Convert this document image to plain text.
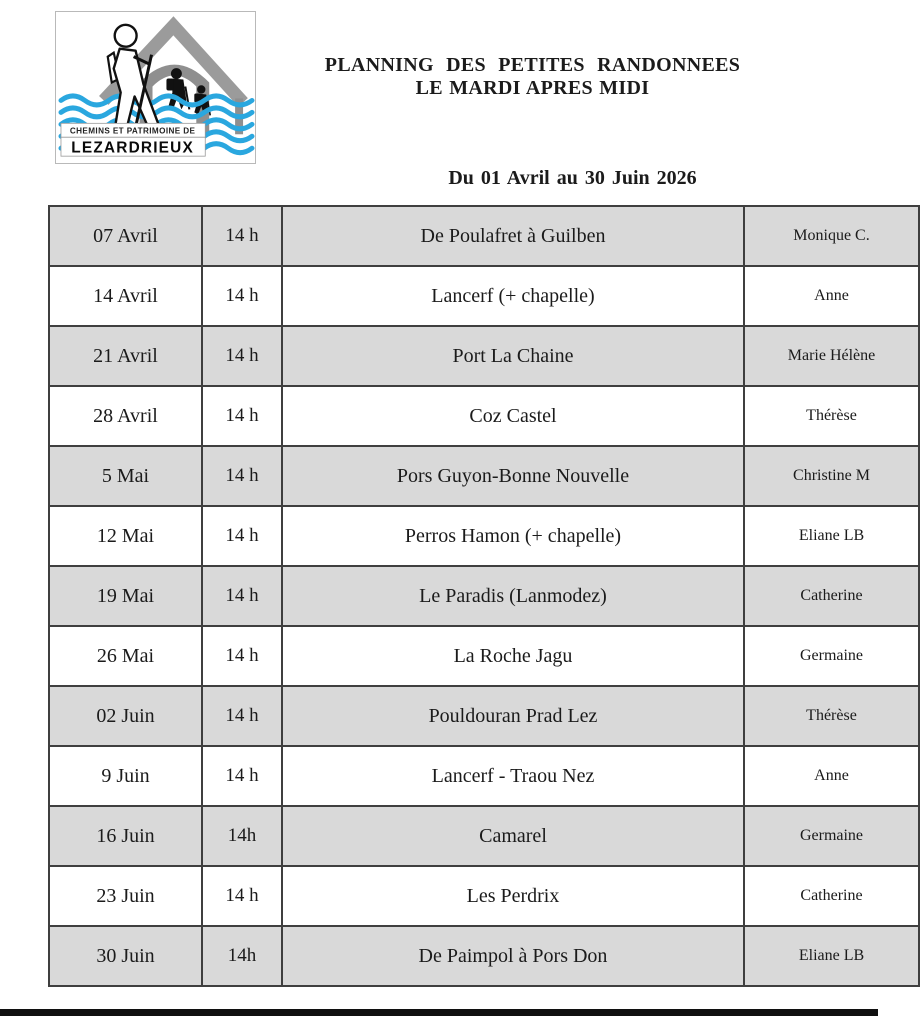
CHEMINS ET PATRIMOINE DE
LEZARDRIEUX
PLANNING DES PETITES RANDONNEES
LE MARDI APRES MIDI
Du 01 Avril au 30 Juin 2026
07 Avril	14 h	De Poulafret à Guilben	Monique C.
14 Avril	14 h	Lancerf (+ chapelle)	Anne
21 Avril	14 h	Port La Chaine	Marie Hélène
28 Avril	14 h	Coz Castel	Thérèse
5 Mai	14 h	Pors Guyon-Bonne Nouvelle	Christine M
12 Mai	14 h	Perros Hamon (+ chapelle)	Eliane LB
19 Mai	14 h	Le Paradis (Lanmodez)	Catherine
26 Mai	14 h	La Roche Jagu	Germaine
02 Juin	14 h	Pouldouran Prad Lez	Thérèse
9 Juin	14 h	Lancerf - Traou Nez	Anne
16 Juin	14h	Camarel	Germaine
23 Juin	14 h	Les Perdrix	Catherine
30 Juin	14h	De Paimpol à Pors Don	Eliane LB
